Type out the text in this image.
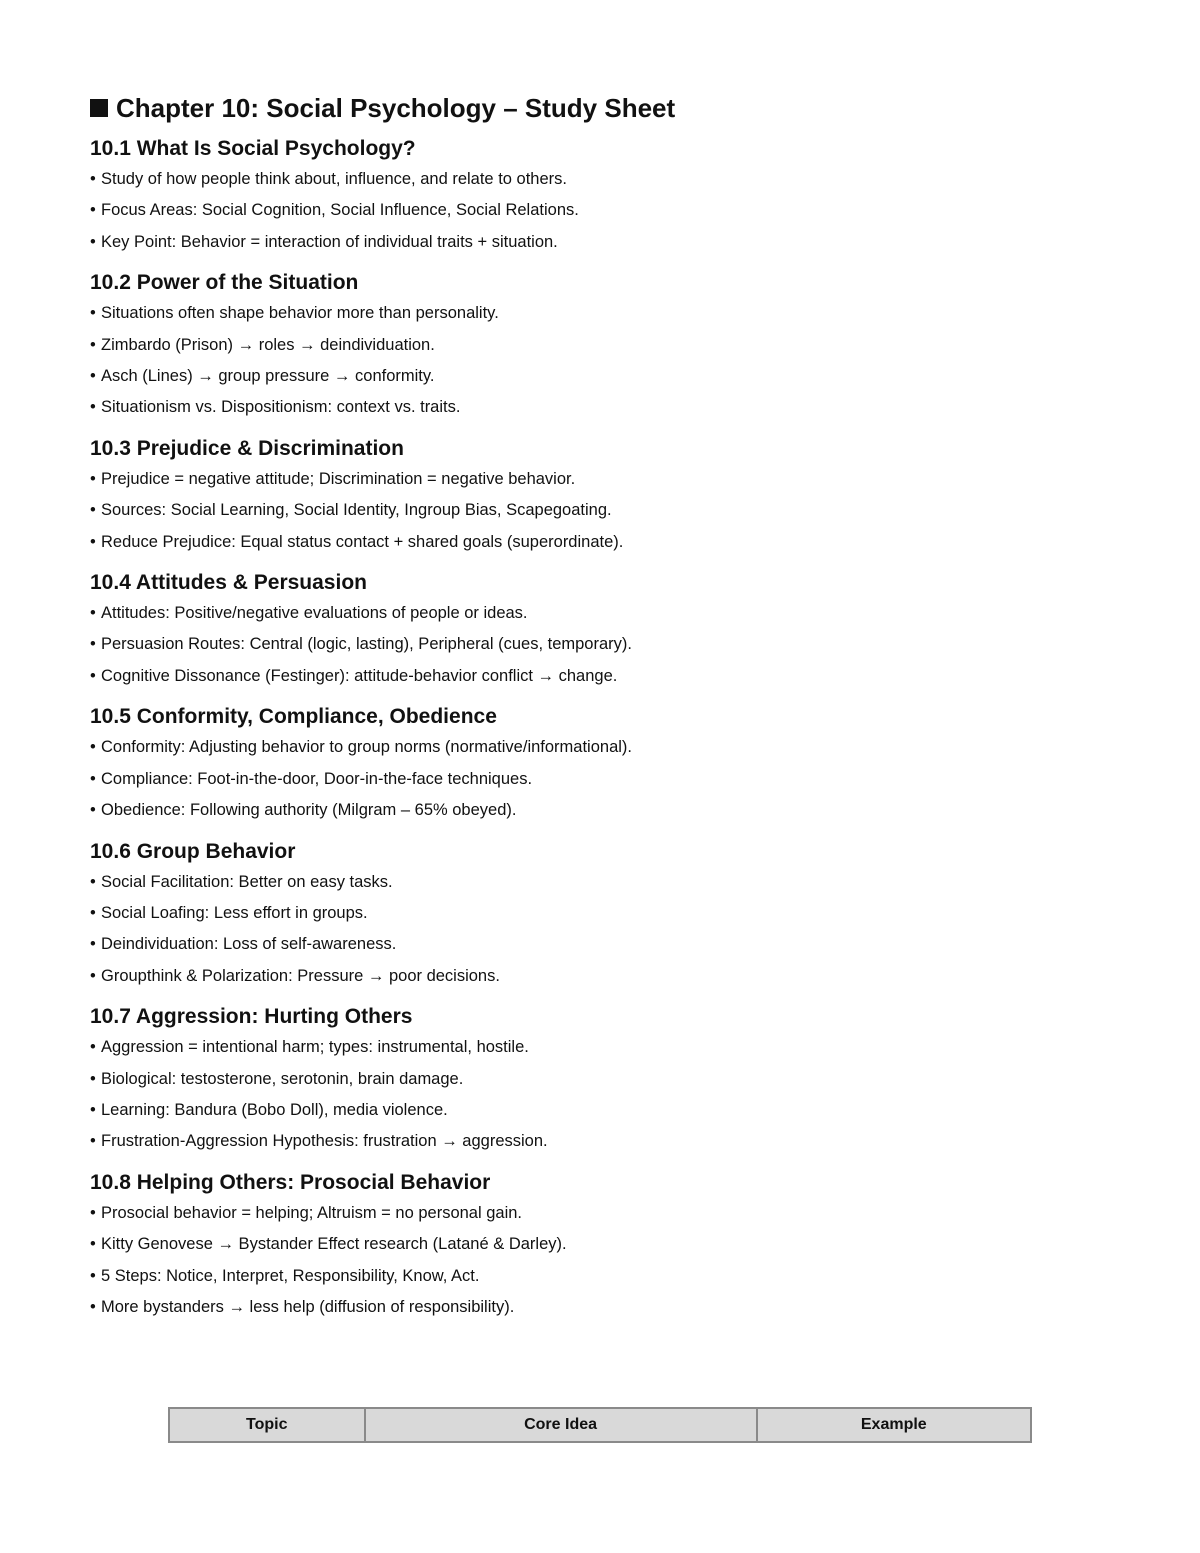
Chapter 10: Social Psychology – Study Sheet
10.1 What Is Social Psychology?
• Study of how people think about, influence, and relate to others.
• Focus Areas: Social Cognition, Social Influence, Social Relations.
• Key Point: Behavior = interaction of individual traits + situation.
10.2 Power of the Situation
• Situations often shape behavior more than personality.
• Zimbardo (Prison) → roles → deindividuation.
• Asch (Lines) → group pressure → conformity.
• Situationism vs. Dispositionism: context vs. traits.
10.3 Prejudice & Discrimination
• Prejudice = negative attitude; Discrimination = negative behavior.
• Sources: Social Learning, Social Identity, Ingroup Bias, Scapegoating.
• Reduce Prejudice: Equal status contact + shared goals (superordinate).
10.4 Attitudes & Persuasion
• Attitudes: Positive/negative evaluations of people or ideas.
• Persuasion Routes: Central (logic, lasting), Peripheral (cues, temporary).
• Cognitive Dissonance (Festinger): attitude-behavior conflict → change.
10.5 Conformity, Compliance, Obedience
• Conformity: Adjusting behavior to group norms (normative/informational).
• Compliance: Foot-in-the-door, Door-in-the-face techniques.
• Obedience: Following authority (Milgram – 65% obeyed).
10.6 Group Behavior
• Social Facilitation: Better on easy tasks.
• Social Loafing: Less effort in groups.
• Deindividuation: Loss of self-awareness.
• Groupthink & Polarization: Pressure → poor decisions.
10.7 Aggression: Hurting Others
• Aggression = intentional harm; types: instrumental, hostile.
• Biological: testosterone, serotonin, brain damage.
• Learning: Bandura (Bobo Doll), media violence.
• Frustration-Aggression Hypothesis: frustration → aggression.
10.8 Helping Others: Prosocial Behavior
• Prosocial behavior = helping; Altruism = no personal gain.
• Kitty Genovese → Bystander Effect research (Latané & Darley).
• 5 Steps: Notice, Interpret, Responsibility, Know, Act.
• More bystanders → less help (diffusion of responsibility).
Topic	Core Idea	Example
